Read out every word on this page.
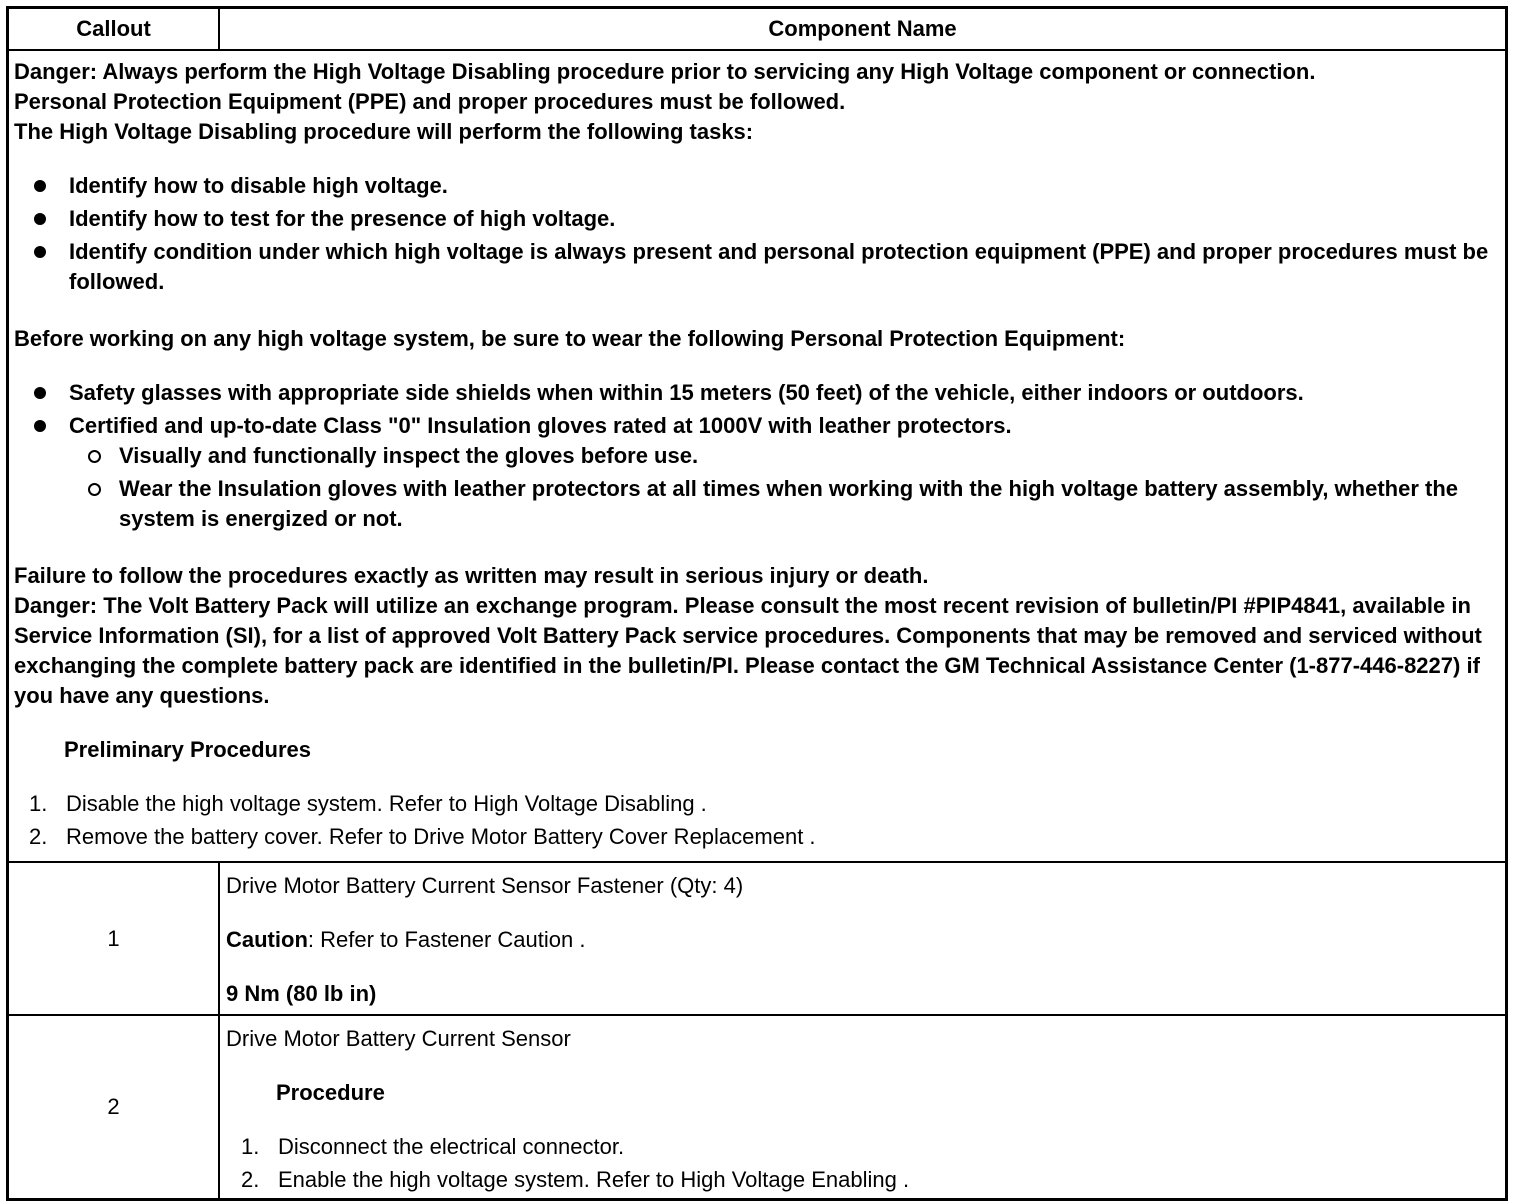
Callout	Component Name

Danger: Always perform the High Voltage Disabling procedure prior to servicing any High Voltage component or connection.

Personal Protection Equipment (PPE) and proper procedures must be followed.

The High Voltage Disabling procedure will perform the following tasks:

Identify how to disable high voltage.
Identify how to test for the presence of high voltage.
Identify condition under which high voltage is always present and personal protection equipment (PPE) and proper procedures must be followed.

Before working on any high voltage system, be sure to wear the following Personal Protection Equipment:

Safety glasses with appropriate side shields when within 15 meters (50 feet) of the vehicle, either indoors or outdoors.
Certified and up-to-date Class "0" Insulation gloves rated at 1000V with leather protectors.
Visually and functionally inspect the gloves before use.
Wear the Insulation gloves with leather protectors at all times when working with the high voltage battery assembly, whether the system is energized or not.

Failure to follow the procedures exactly as written may result in serious injury or death.

Danger: The Volt Battery Pack will utilize an exchange program. Please consult the most recent revision of bulletin/PI #PIP4841, available in Service Information (SI), for a list of approved Volt Battery Pack service procedures. Components that may be removed and serviced without exchanging the complete battery pack are identified in the bulletin/PI. Please contact the GM Technical Assistance Center (1-877-446-8227) if you have any questions.

Preliminary Procedures

1. Disable the high voltage system. Refer to High Voltage Disabling .
2. Remove the battery cover. Refer to Drive Motor Battery Cover Replacement .
1

Drive Motor Battery Current Sensor Fastener (Qty: 4)

Caution: Refer to Fastener Caution .

9 Nm (80 lb in)

2

Drive Motor Battery Current Sensor

Procedure

1. Disconnect the electrical connector.
2. Enable the high voltage system. Refer to High Voltage Enabling .
